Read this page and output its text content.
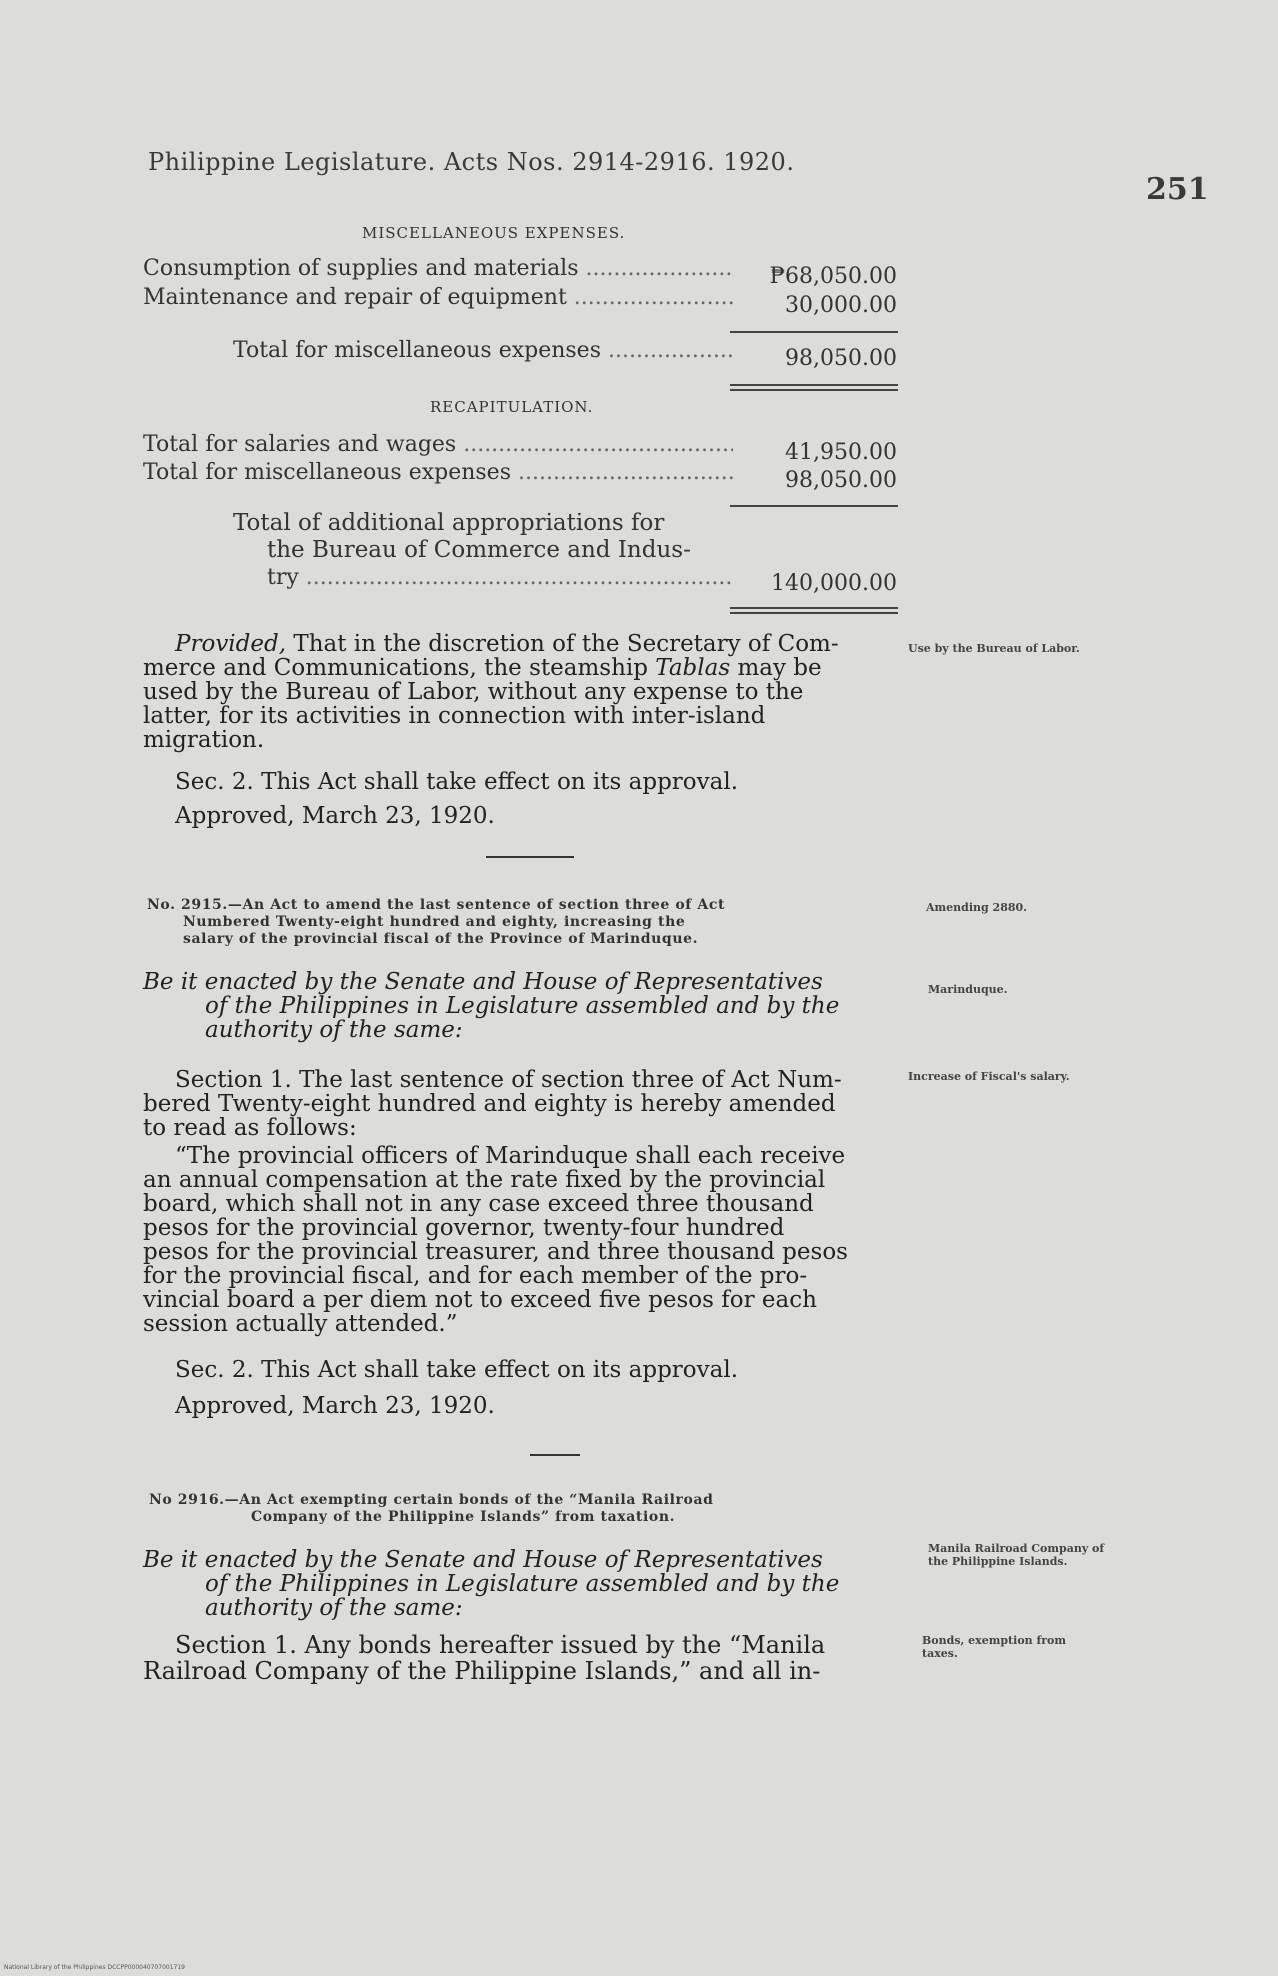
Philippine Legislature. Acts Nos. 2914-2916. 1920.
251
MISCELLANEOUS EXPENSES.
Consumption of supplies and materials .....	₱68,050.00
Maintenance and repair of equipment .....	30,000.00
Total for miscellaneous expenses .....	98,050.00
RECAPITULATION.
Total for salaries and wages .....	41,950.00
Total for miscellaneous expenses .....	98,050.00
Total of additional appropriations for
the Bureau of Commerce and Indus-
try .....	140,000.00
Provided, That in the discretion of the Secretary of Com-
merce and Communications, the steamship Tablas may be
used by the Bureau of Labor, without any expense to the
latter, for its activities in connection with inter-island
migration.
Use by the Bureau of Labor.
Sec. 2. This Act shall take effect on its approval.
Approved, March 23, 1920.
No. 2915.—An Act to amend the last sentence of section three of Act
Numbered Twenty-eight hundred and eighty, increasing the
salary of the provincial fiscal of the Province of Marinduque.
Amending 2880.
Be it enacted by the Senate and House of Representatives
of the Philippines in Legislature assembled and by the
authority of the same:
Marinduque.
Section 1. The last sentence of section three of Act Num-
bered Twenty-eight hundred and eighty is hereby amended
to read as follows:
Increase of Fiscal's salary.
“The provincial officers of Marinduque shall each receive
an annual compensation at the rate fixed by the provincial
board, which shall not in any case exceed three thousand
pesos for the provincial governor, twenty-four hundred
pesos for the provincial treasurer, and three thousand pesos
for the provincial fiscal, and for each member of the pro-
vincial board a per diem not to exceed five pesos for each
session actually attended.”
Sec. 2. This Act shall take effect on its approval.
Approved, March 23, 1920.
No 2916.—An Act exempting certain bonds of the “Manila Railroad
Company of the Philippine Islands” from taxation.
Be it enacted by the Senate and House of Representatives
of the Philippines in Legislature assembled and by the
authority of the same:
Manila Railroad Company of the Philippine Islands.
Section 1. Any bonds hereafter issued by the “Manila
Railroad Company of the Philippine Islands,” and all in-
Bonds, exemption from taxes.
National Library of the Philippines DCCPP000040707001719
